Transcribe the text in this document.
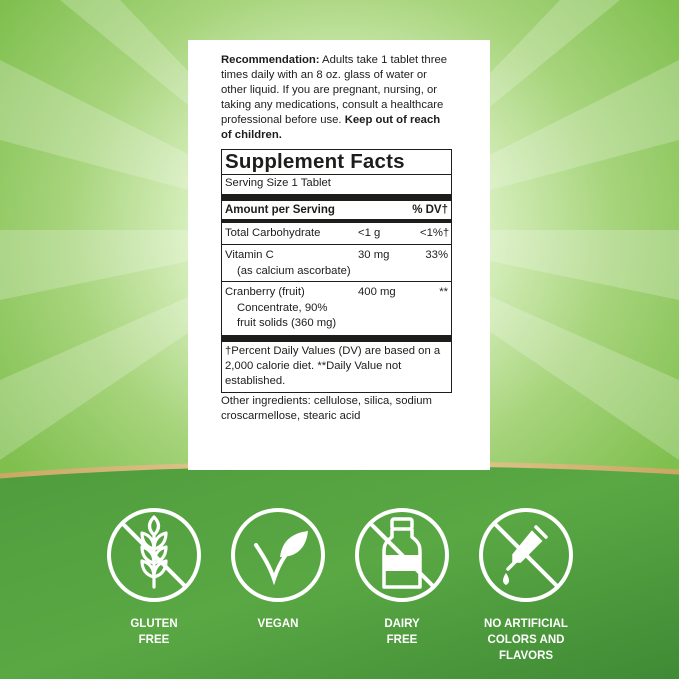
Recommendation: Adults take 1 tablet three times daily with an 8 oz. glass of water or other liquid. If you are pregnant, nursing, or taking any medications, consult a healthcare professional before use. Keep out of reach of children.
Supplement Facts
Serving Size 1 Tablet
Amount per Serving	% DV†
Total Carbohydrate	<1 g	<1%†
Vitamin C	30 mg	33%
(as calcium ascorbate)
Cranberry (fruit)	400 mg	**
Concentrate, 90%
fruit solids (360 mg)
†Percent Daily Values (DV) are based on a 2,000 calorie diet. **Daily Value not established.
Other ingredients: cellulose, silica, sodium croscarmellose, stearic acid
GLUTEN
FREE
VEGAN	DAIRY
FREE
NO ARTIFICIAL
COLORS AND
FLAVORS
